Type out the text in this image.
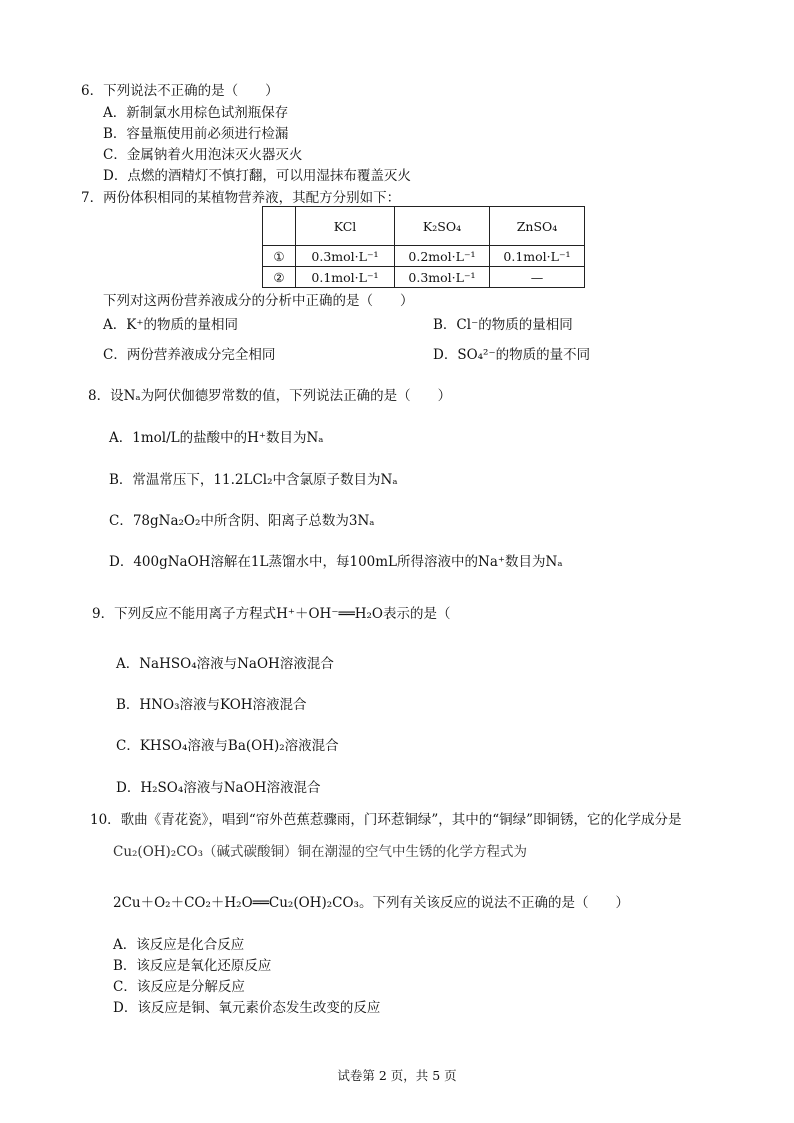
6．下列说法不正确的是（　　）
A．新制氯水用棕色试剂瓶保存
B．容量瓶使用前必须进行检漏
C．金属钠着火用泡沫灭火器灭火
D．点燃的酒精灯不慎打翻，可以用湿抹布覆盖灭火
7．两份体积相同的某植物营养液，其配方分别如下：
	KCl	K₂SO₄	ZnSO₄
①	0.3mol·L⁻¹	0.2mol·L⁻¹	0.1mol·L⁻¹
②	0.1mol·L⁻¹	0.3mol·L⁻¹	—
下列对这两份营养液成分的分析中正确的是（　　）
A．K⁺的物质的量相同	B．Cl⁻的物质的量相同
C．两份营养液成分完全相同	D．SO₄²⁻的物质的量不同
8．设Nₐ为阿伏伽德罗常数的值，下列说法正确的是（　　）
A．1mol/L的盐酸中的H⁺数目为Nₐ
B．常温常压下，11.2LCl₂中含氯原子数目为Nₐ
C．78gNa₂O₂中所含阴、阳离子总数为3Nₐ
D．400gNaOH溶解在1L蒸馏水中，每100mL所得溶液中的Na⁺数目为Nₐ
9．下列反应不能用离子方程式H⁺＋OH⁻══H₂O表示的是（
A．NaHSO₄溶液与NaOH溶液混合
B．HNO₃溶液与KOH溶液混合
C．KHSO₄溶液与Ba(OH)₂溶液混合
D．H₂SO₄溶液与NaOH溶液混合
10．歌曲《青花瓷》，唱到“帘外芭蕉惹骤雨，门环惹铜绿”，其中的“铜绿”即铜锈，它的化学成分是
Cu₂(OH)₂CO₃（碱式碳酸铜）铜在潮湿的空气中生锈的化学方程式为
2Cu＋O₂＋CO₂＋H₂O══Cu₂(OH)₂CO₃。下列有关该反应的说法不正确的是（　　）
A．该反应是化合反应
B．该反应是氧化还原反应
C．该反应是分解反应
D．该反应是铜、氧元素价态发生改变的反应
试卷第 2 页，共 5 页
